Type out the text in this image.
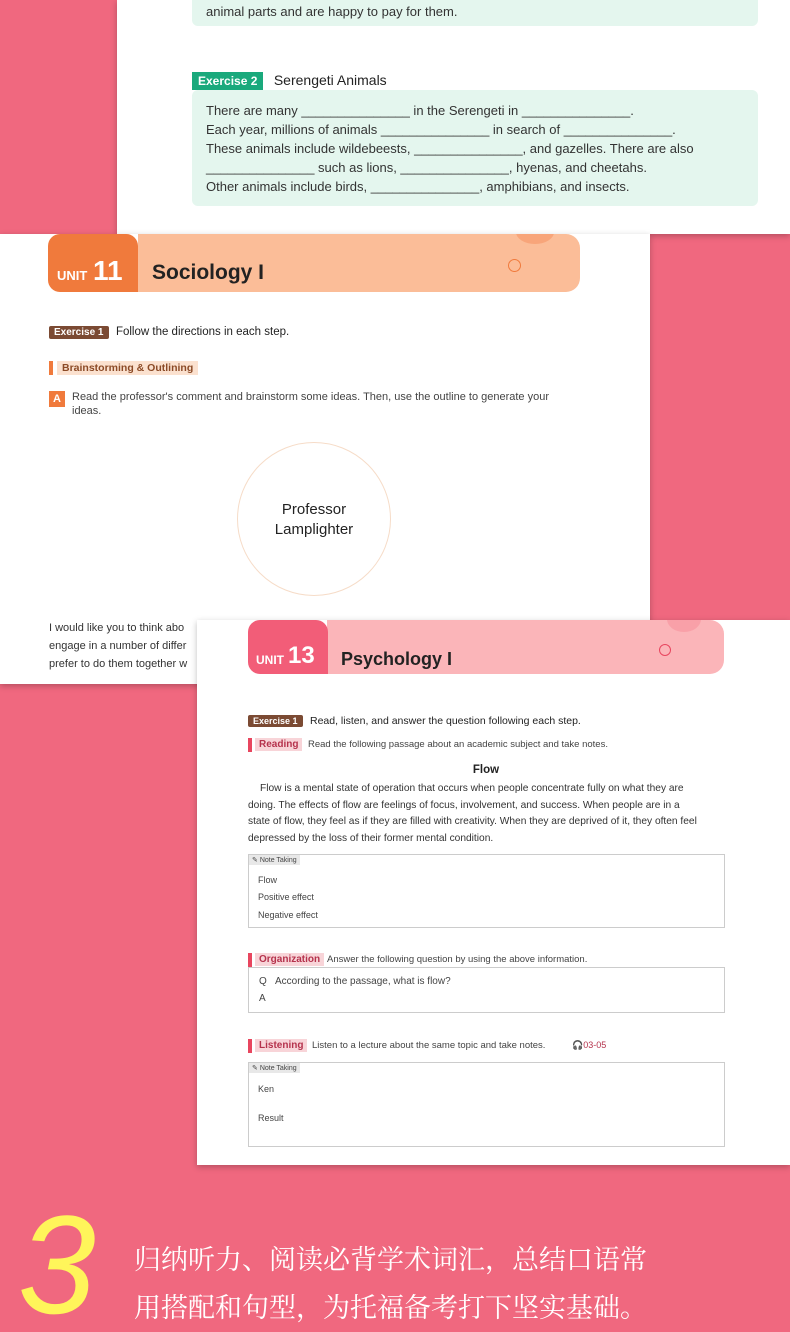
animal parts and are happy to pay for them.
Exercise 2 Serengeti Animals
There are many _______________ in the Serengeti in _______________.
Each year, millions of animals _______________ in search of _______________.
These animals include wildebeests, _______________, and gazelles. There are also
_______________ such as lions, _______________, hyenas, and cheetahs.
Other animals include birds, _______________, amphibians, and insects.
Sociology I
UNIT 11
Exercise 1 Follow the directions in each step.
Brainstorming & Outlining
A	Read the professor's comment and brainstorm some ideas. Then, use the outline to generate your
ideas.
Professor
Lamplighter
I would like you to think abo
engage in a number of differ
prefer to do them together w	Psychology I
UNIT 13
Exercise 1 Read, listen, and answer the question following each step.
Reading	Read the following passage about an academic subject and take notes.
Flow
Flow is a mental state of operation that occurs when people concentrate fully on what they are
doing. The effects of flow are feelings of focus, involvement, and success. When people are in a
state of flow, they feel as if they are filled with creativity. When they are deprived of it, they often feel
depressed by the loss of their former mental condition.
✎ Note Taking
Flow
Positive effect
Negative effect
Organization Answer the following question by using the above information.
Q According to the passage, what is flow?
A
Listening Listen to a lecture about the same topic and take notes.	🎧03-05
✎ Note Taking
Ken
Result
3	归纳听力、阅读必背学术词汇，总结口语常
用搭配和句型，为托福备考打下坚实基础。
